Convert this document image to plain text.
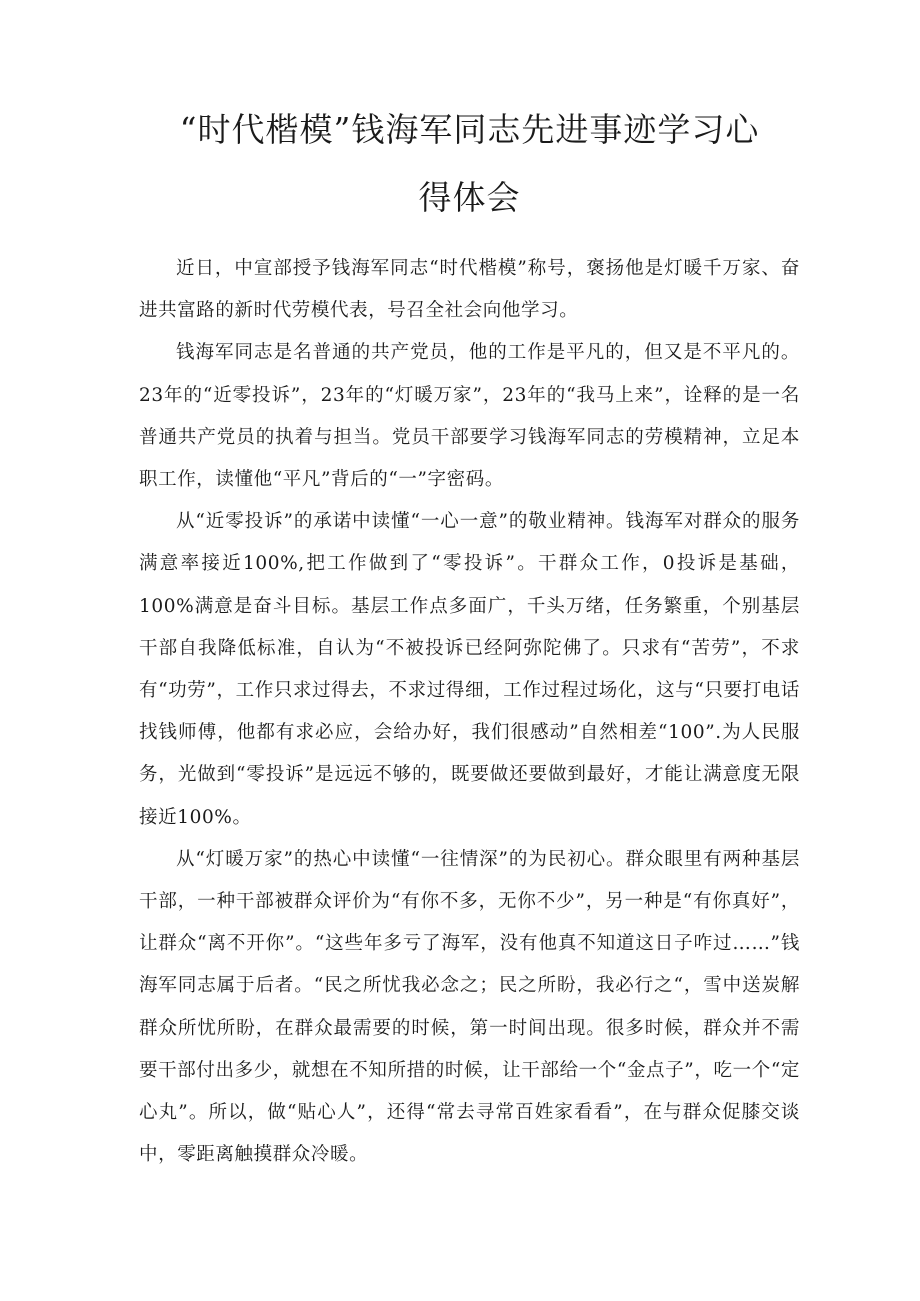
“时代楷模”钱海军同志先进事迹学习心
得体会

近日，中宣部授予钱海军同志“时代楷模”称号，褒扬他是灯暖千万家、奋进共富路的新时代劳模代表，号召全社会向他学习。

钱海军同志是名普通的共产党员，他的工作是平凡的，但又是不平凡的。23年的“近零投诉”，23年的“灯暖万家”，23年的“我马上来”，诠释的是一名普通共产党员的执着与担当。党员干部要学习钱海军同志的劳模精神，立足本职工作，读懂他“平凡”背后的“一”字密码。

从“近零投诉”的承诺中读懂“一心一意”的敬业精神。钱海军对群众的服务满意率接近100%,把工作做到了“零投诉”。干群众工作，0投诉是基础，100%满意是奋斗目标。基层工作点多面广，千头万绪，任务繁重，个别基层干部自我降低标准，自认为“不被投诉已经阿弥陀佛了。只求有“苦劳”，不求有“功劳”，工作只求过得去，不求过得细，工作过程过场化，这与“只要打电话找钱师傅，他都有求必应，会给办好，我们很感动”自然相差“100”.为人民服务，光做到“零投诉”是远远不够的，既要做还要做到最好，才能让满意度无限接近100%。

从“灯暖万家”的热心中读懂“一往情深”的为民初心。群众眼里有两种基层干部，一种干部被群众评价为“有你不多，无你不少”，另一种是“有你真好”，让群众“离不开你”。“这些年多亏了海军，没有他真不知道这日子咋过……”钱海军同志属于后者。“民之所忧我必念之；民之所盼，我必行之“，雪中送炭解群众所忧所盼，在群众最需要的时候，第一时间出现。很多时候，群众并不需要干部付出多少，就想在不知所措的时候，让干部给一个“金点子”，吃一个“定心丸”。所以，做“贴心人”，还得“常去寻常百姓家看看”，在与群众促膝交谈中，零距离触摸群众冷暖。
